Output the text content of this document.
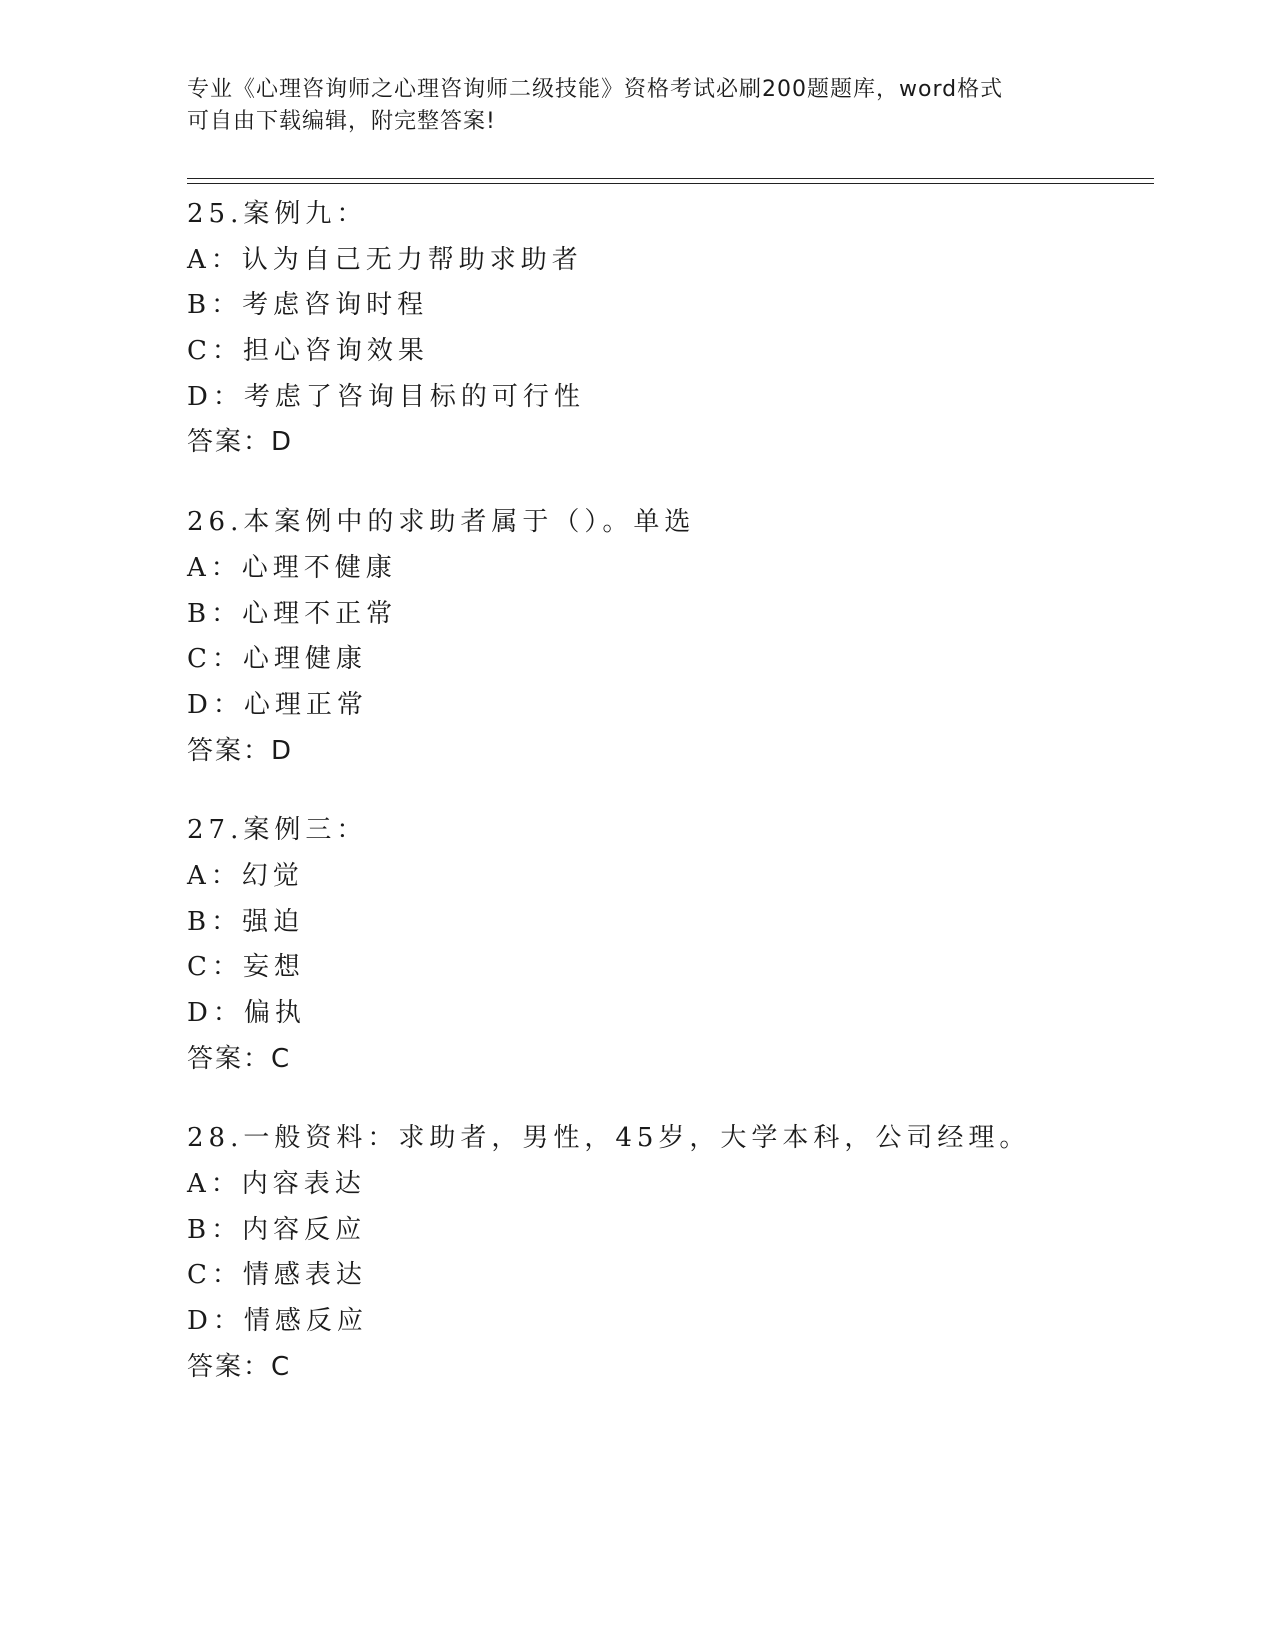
专业《心理咨询师之心理咨询师二级技能》资格考试必刷200题题库，word格式
可自由下载编辑，附完整答案!
25.案例九：
A：认为自己无力帮助求助者
B：考虑咨询时程
C：担心咨询效果
D：考虑了咨询目标的可行性
答案：D
26.本案例中的求助者属于（）。单选
A：心理不健康
B：心理不正常
C：心理健康
D：心理正常
答案：D
27.案例三：
A：幻觉
B：强迫
C：妄想
D：偏执
答案：C
28.一般资料：求助者，男性，45岁，大学本科，公司经理。
A：内容表达
B：内容反应
C：情感表达
D：情感反应
答案：C
